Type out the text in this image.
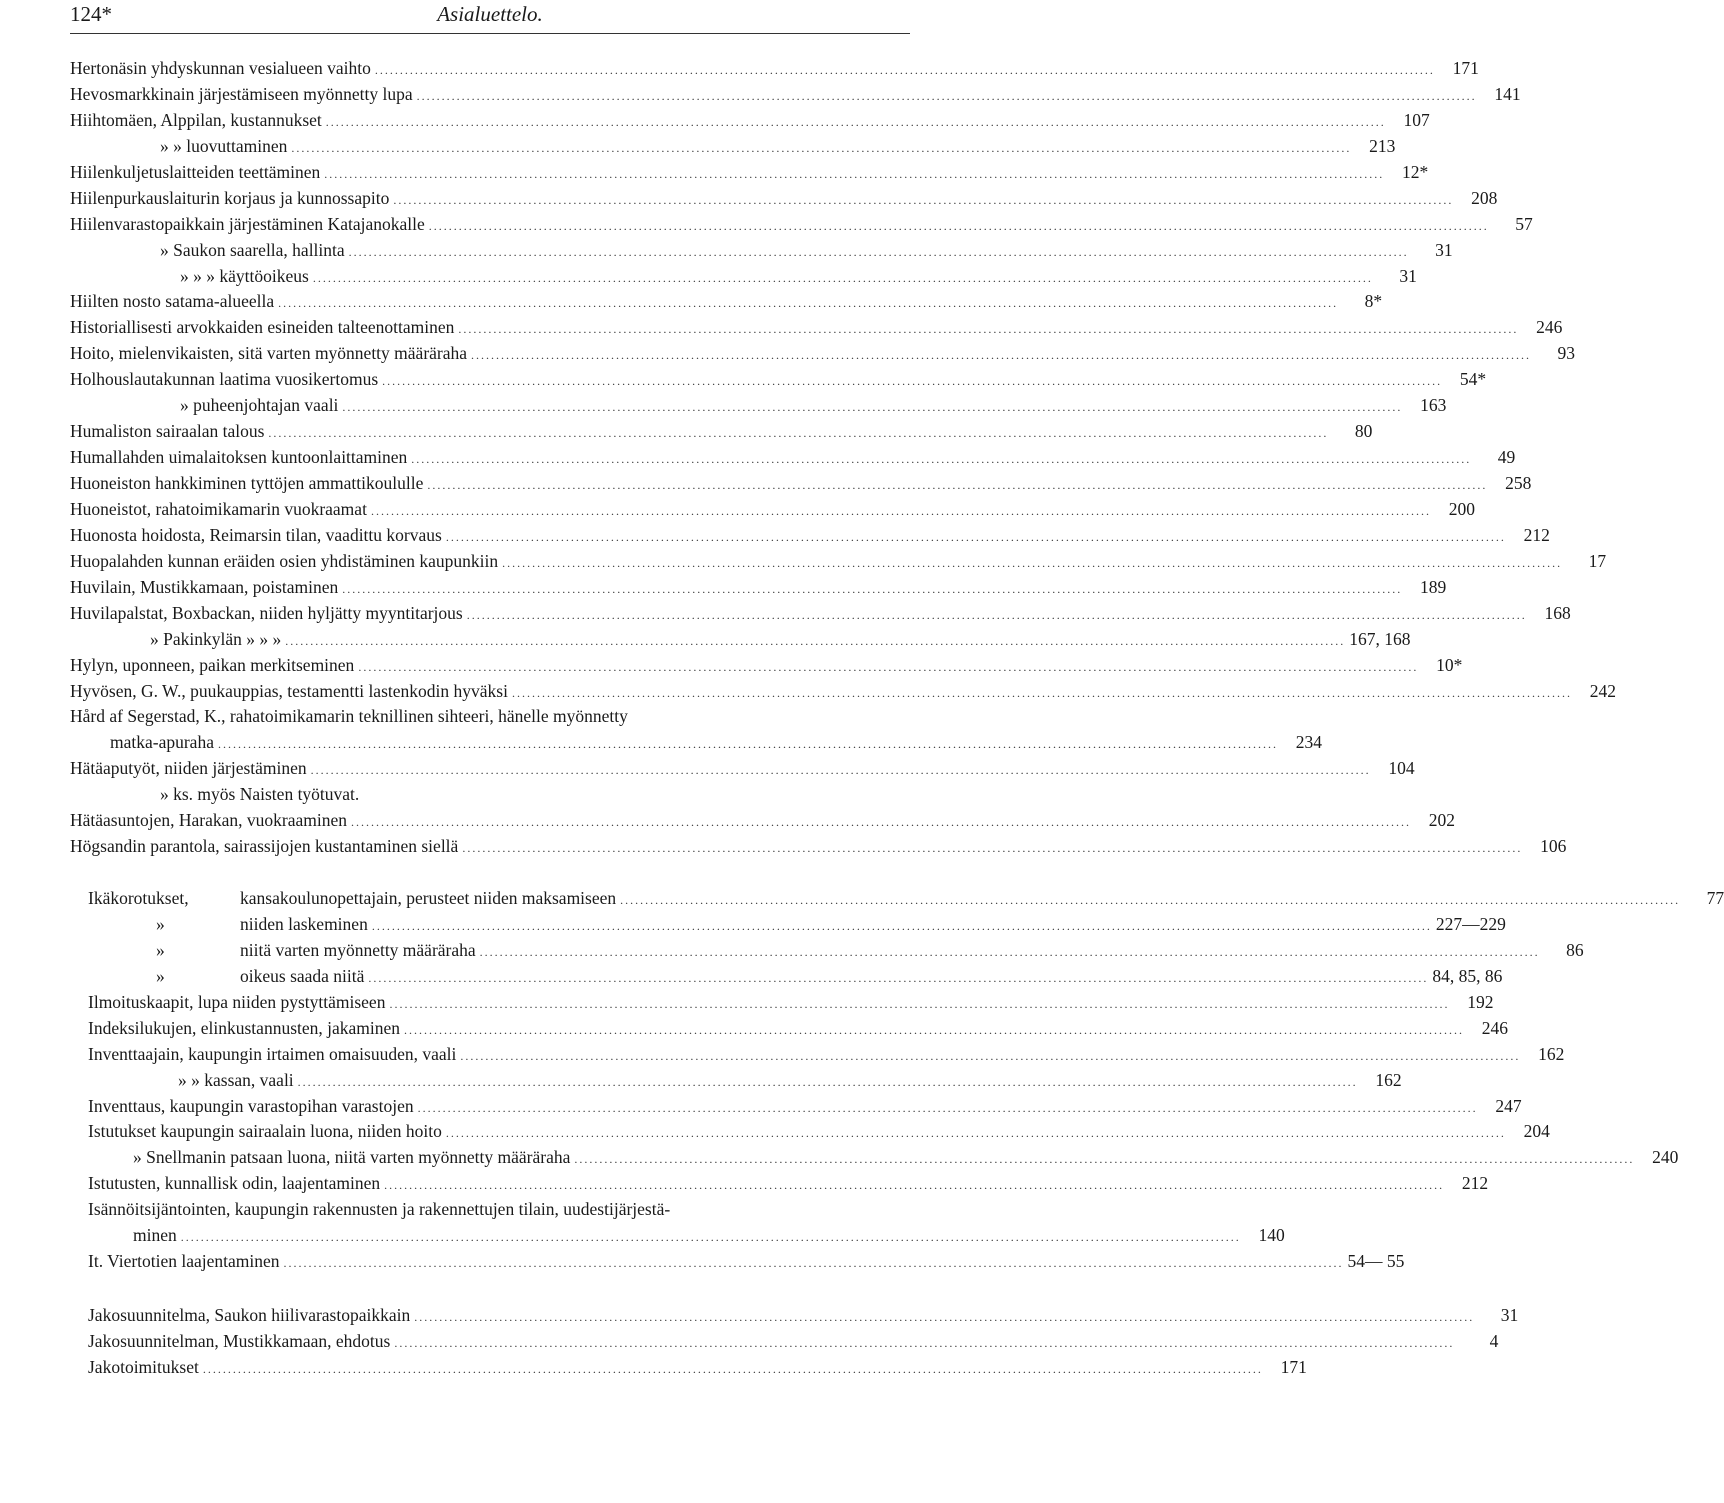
124*	Asialuettelo.
Hertonäsin yhdyskunnan vesialueen vaihto .....	171
Hevosmarkkinain järjestämiseen myönnetty lupa .....	141
Hiihtomäen, Alppilan, kustannukset .....	107
» » luovuttaminen .....	213
Hiilenkuljetuslaitteiden teettäminen .....	12*
Hiilenpurkauslaiturin korjaus ja kunnossapito .....	208
Hiilenvarastopaikkain järjestäminen Katajanokalle .....	57
» Saukon saarella, hallinta .....	31
» » » käyttöoikeus .....	31
Hiilten nosto satama-alueella .....	8*
Historiallisesti arvokkaiden esineiden talteenottaminen .....	246
Hoito, mielenvikaisten, sitä varten myönnetty määräraha .....	93
Holhouslautakunnan laatima vuosikertomus .....	54*
» puheenjohtajan vaali .....	163
Humaliston sairaalan talous .....	80
Humallahden uimalaitoksen kuntoonlaittaminen .....	49
Huoneiston hankkiminen tyttöjen ammattikoululle .....	258
Huoneistot, rahatoimikamarin vuokraamat .....	200
Huonosta hoidosta, Reimarsin tilan, vaadittu korvaus .....	212
Huopalahden kunnan eräiden osien yhdistäminen kaupunkiin .....	17
Huvilain, Mustikkamaan, poistaminen .....	189
Huvilapalstat, Boxbackan, niiden hyljätty myyntitarjous .....	168
» Pakinkylän » » » .....	167, 168
Hylyn, uponneen, paikan merkitseminen .....	10*
Hyvösen, G. W., puukauppias, testamentti lastenkodin hyväksi .....	242
Hård af Segerstad, K., rahatoimikamarin teknillinen sihteeri, hänelle myönnetty
matka-apuraha .....	234
Hätäaputyöt, niiden järjestäminen .....	104
» ks. myös Naisten työtuvat.
Hätäasuntojen, Harakan, vuokraaminen .....	202
Högsandin parantola, sairassijojen kustantaminen siellä .....	106
Ikäkorotukset,	kansakoulunopettajain, perusteet niiden maksamiseen .....	77
»	niiden laskeminen .....	227—229
»	niitä varten myönnetty määräraha .....	86
»	oikeus saada niitä .....	84, 85, 86
Ilmoituskaapit, lupa niiden pystyttämiseen .....	192
Indeksilukujen, elinkustannusten, jakaminen .....	246
Inventtaajain, kaupungin irtaimen omaisuuden, vaali .....	162
» » kassan, vaali .....	162
Inventtaus, kaupungin varastopihan varastojen .....	247
Istutukset kaupungin sairaalain luona, niiden hoito .....	204
» Snellmanin patsaan luona, niitä varten myönnetty määräraha .....	240
Istutusten, kunnallisk odin, laajentaminen .....	212
Isännöitsijäntointen, kaupungin rakennusten ja rakennettujen tilain, uudestijärjestä-
minen .....	140
It. Viertotien laajentaminen .....	54— 55
Jakosuunnitelma, Saukon hiilivarastopaikkain .....	31
Jakosuunnitelman, Mustikkamaan, ehdotus .....	4
Jakotoimitukset .....	171
